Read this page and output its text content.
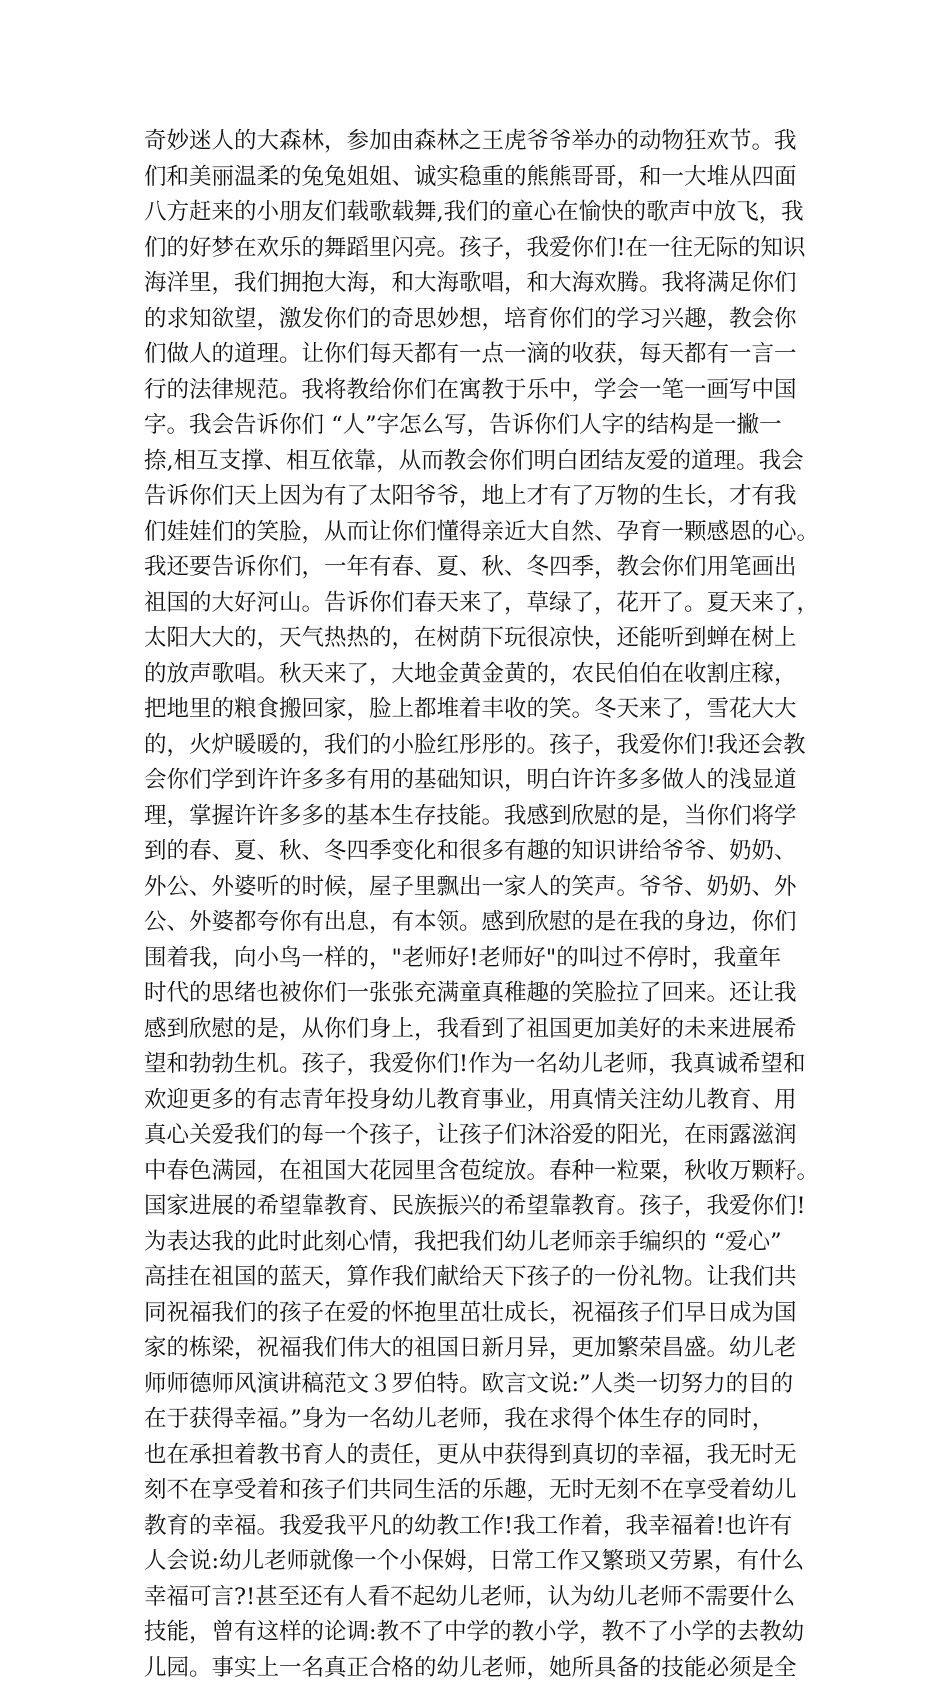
奇妙迷人的大森林，参加由森林之王虎爷爷举办的动物狂欢节。我
们和美丽温柔的兔兔姐姐、诚实稳重的熊熊哥哥，和一大堆从四面
八方赶来的小朋友们载歌载舞,我们的童心在愉快的歌声中放飞，我
们的好梦在欢乐的舞蹈里闪亮。孩子，我爱你们!在一往无际的知识
海洋里，我们拥抱大海，和大海歌唱，和大海欢腾。我将满足你们
的求知欲望，激发你们的奇思妙想，培育你们的学习兴趣，教会你
们做人的道理。让你们每天都有一点一滴的收获，每天都有一言一
行的法律规范。我将教给你们在寓教于乐中，学会一笔一画写中国
字。我会告诉你们 “人”字怎么写，告诉你们人字的结构是一撇一
捺,相互支撑、相互依靠，从而教会你们明白团结友爱的道理。我会
告诉你们天上因为有了太阳爷爷，地上才有了万物的生长，才有我
们娃娃们的笑脸，从而让你们懂得亲近大自然、孕育一颗感恩的心。
我还要告诉你们，一年有春、夏、秋、冬四季，教会你们用笔画出
祖国的大好河山。告诉你们春天来了，草绿了，花开了。夏天来了，
太阳大大的，天气热热的，在树荫下玩很凉快，还能听到蝉在树上
的放声歌唱。秋天来了，大地金黄金黄的，农民伯伯在收割庄稼，
把地里的粮食搬回家，脸上都堆着丰收的笑。冬天来了，雪花大大
的，火炉暖暖的，我们的小脸红彤彤的。孩子，我爱你们!我还会教
会你们学到许许多多有用的基础知识，明白许许多多做人的浅显道
理，掌握许许多多的基本生存技能。我感到欣慰的是，当你们将学
到的春、夏、秋、冬四季变化和很多有趣的知识讲给爷爷、奶奶、
外公、外婆听的时候，屋子里飘出一家人的笑声。爷爷、奶奶、外
公、外婆都夸你有出息，有本领。感到欣慰的是在我的身边，你们
围着我，向小鸟一样的，"老师好!老师好"的叫过不停时，我童年
时代的思绪也被你们一张张充满童真稚趣的笑脸拉了回来。还让我
感到欣慰的是，从你们身上，我看到了祖国更加美好的未来进展希
望和勃勃生机。孩子，我爱你们!作为一名幼儿老师，我真诚希望和
欢迎更多的有志青年投身幼儿教育事业，用真情关注幼儿教育、用
真心关爱我们的每一个孩子，让孩子们沐浴爱的阳光，在雨露滋润
中春色满园，在祖国大花园里含苞绽放。春种一粒粟，秋收万颗籽。
国家进展的希望靠教育、民族振兴的希望靠教育。孩子，我爱你们!
为表达我的此时此刻心情，我把我们幼儿老师亲手编织的 “爱心”
高挂在祖国的蓝天，算作我们献给天下孩子的一份礼物。让我们共
同祝福我们的孩子在爱的怀抱里茁壮成长，祝福孩子们早日成为国
家的栋梁，祝福我们伟大的祖国日新月异，更加繁荣昌盛。幼儿老
师师德师风演讲稿范文３罗伯特。欧言文说:”人类一切努力的目的
在于获得幸福。”身为一名幼儿老师，我在求得个体生存的同时，
也在承担着教书育人的责任，更从中获得到真切的幸福，我无时无
刻不在享受着和孩子们共同生活的乐趣，无时无刻不在享受着幼儿
教育的幸福。我爱我平凡的幼教工作!我工作着，我幸福着!也许有
人会说:幼儿老师就像一个小保姆，日常工作又繁琐又劳累，有什么
幸福可言?!甚至还有人看不起幼儿老师，认为幼儿老师不需要什么
技能，曾有这样的论调:教不了中学的教小学，教不了小学的去教幼
儿园。事实上一名真正合格的幼儿老师，她所具备的技能必须是全
